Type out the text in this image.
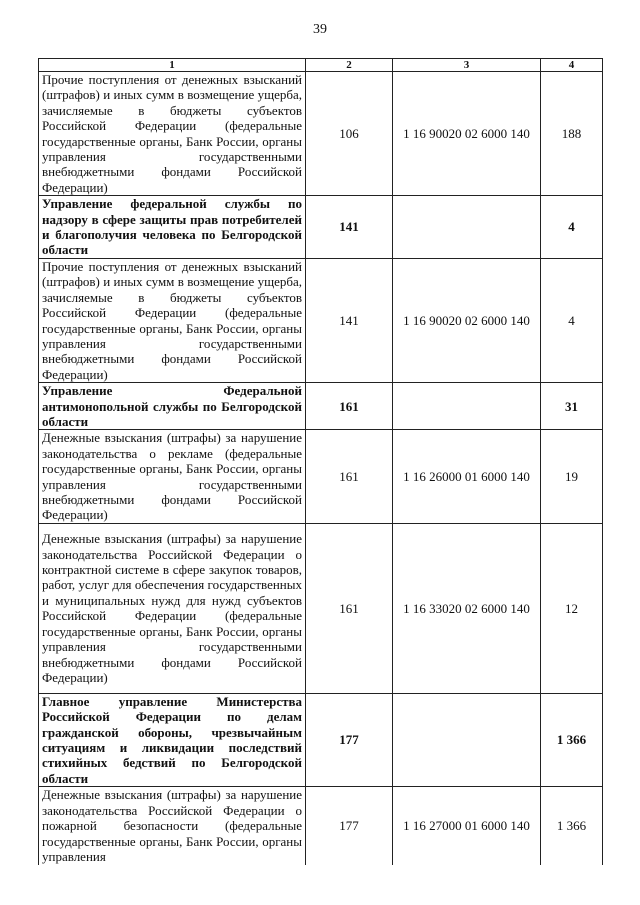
39
1	2	3	4
Прочие поступления от денежных взысканий (штрафов) и иных сумм в возмещение ущерба, зачисляемые в бюджеты субъектов Российской Федерации (федеральные государственные органы, Банк России, органы управления государственными внебюджетными фондами Российской Федерации)	106	1 16 90020 02 6000 140	188
Управление федеральной службы по надзору в сфере защиты прав потребителей и благополучия человека по Белгородской области	141		4
Прочие поступления от денежных взысканий (штрафов) и иных сумм в возмещение ущерба, зачисляемые в бюджеты субъектов Российской Федерации (федеральные государственные органы, Банк России, органы управления государственными внебюджетными фондами Российской Федерации)	141	1 16 90020 02 6000 140	4
Управление Федеральной антимонопольной службы по Белгородской области	161		31
Денежные взыскания (штрафы) за нарушение законодательства о рекламе (федеральные государственные органы, Банк России, органы управления государственными внебюджетными фондами Российской Федерации)	161	1 16 26000 01 6000 140	19
Денежные взыскания (штрафы) за нарушение законодательства Российской Федерации о контрактной системе в сфере закупок товаров, работ, услуг для обеспечения государственных и муниципальных нужд для нужд субъектов Российской Федерации (федеральные государственные органы, Банк России, органы управления государственными внебюджетными фондами Российской Федерации)	161	1 16 33020 02 6000 140	12
Главное управление Министерства Российской Федерации по делам гражданской обороны, чрезвычайным ситуациям и ликвидации последствий стихийных бедствий по Белгородской области	177		1 366
Денежные взыскания (штрафы) за нарушение законодательства Российской Федерации о пожарной безопасности (федеральные государственные органы, Банк России, органы управления	177	1 16 27000 01 6000 140	1 366
